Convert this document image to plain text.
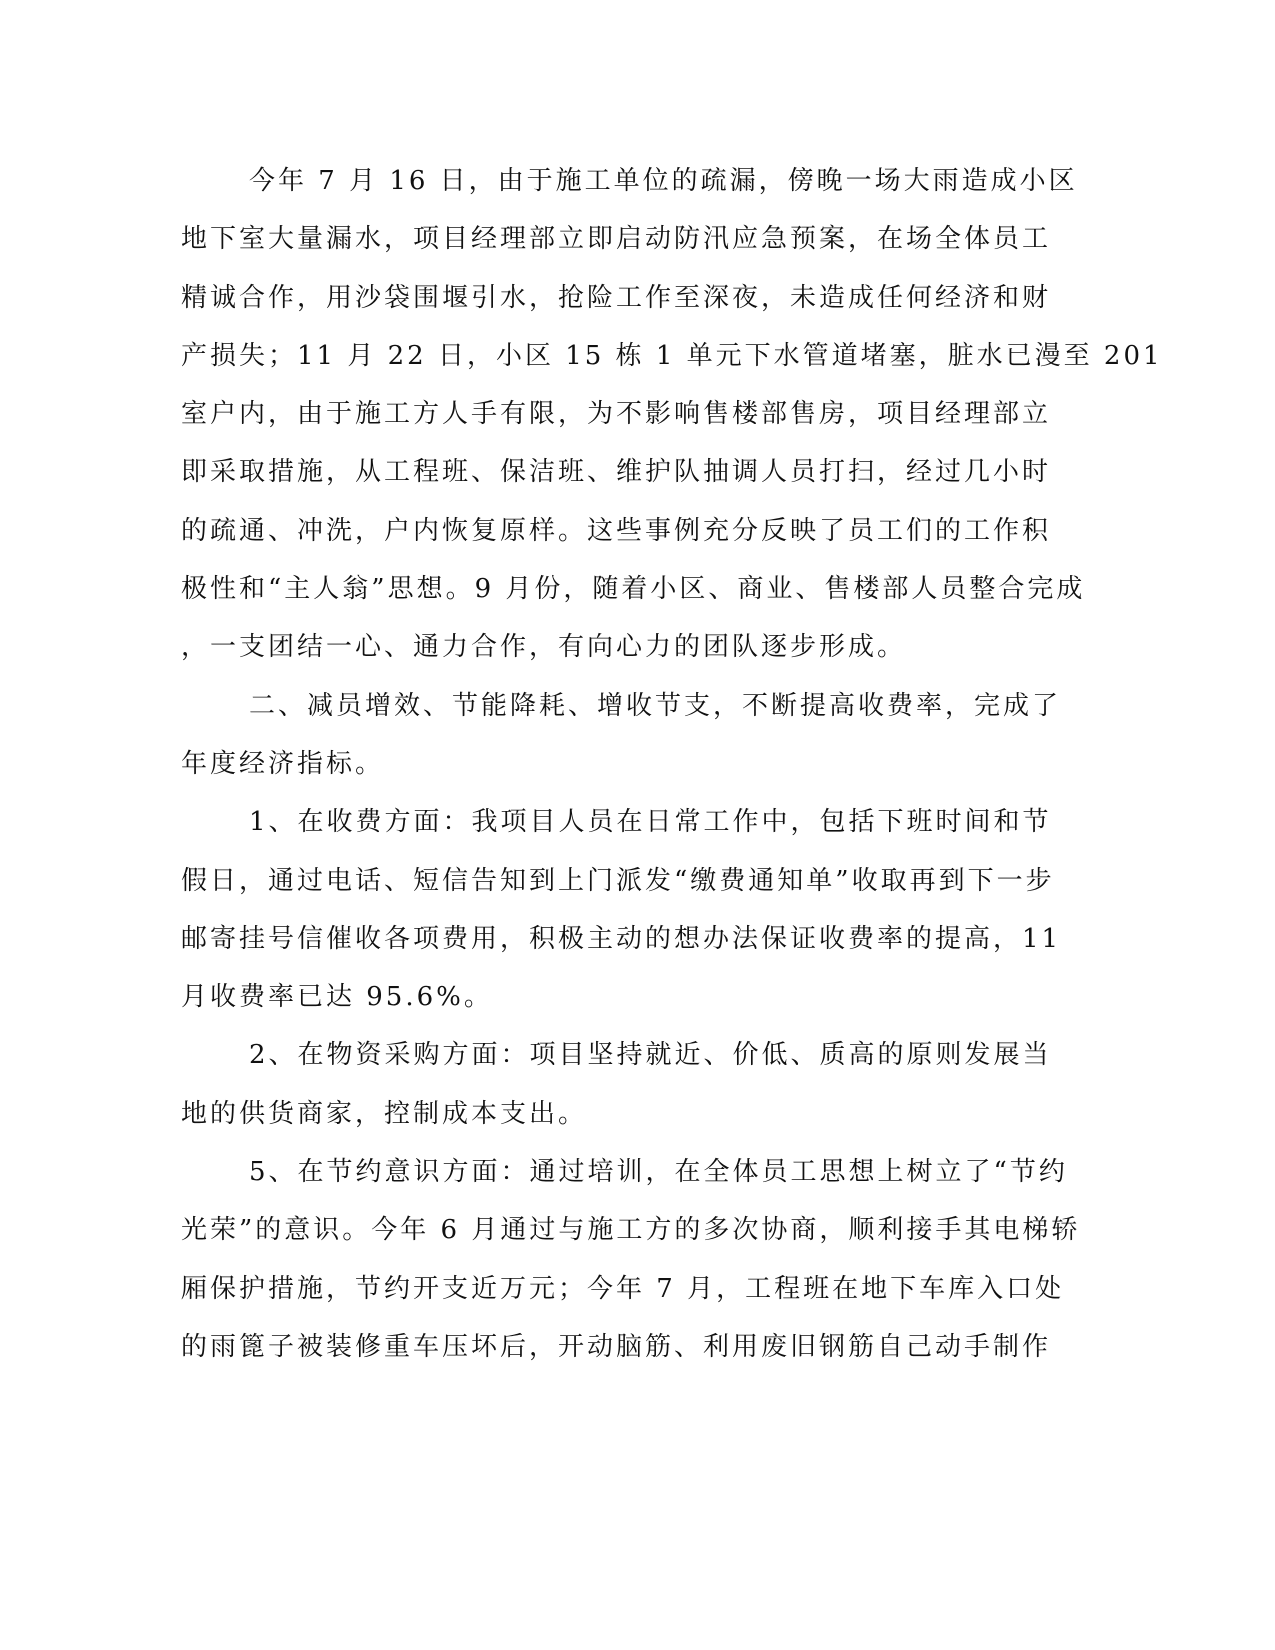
今年 7 月 16 日，由于施工单位的疏漏，傍晚一场大雨造成小区
地下室大量漏水，项目经理部立即启动防汛应急预案，在场全体员工
精诚合作，用沙袋围堰引水，抢险工作至深夜，未造成任何经济和财
产损失；11 月 22 日，小区 15 栋 1 单元下水管道堵塞，脏水已漫至 201
室户内，由于施工方人手有限，为不影响售楼部售房，项目经理部立
即采取措施，从工程班、保洁班、维护队抽调人员打扫，经过几小时
的疏通、冲洗，户内恢复原样。这些事例充分反映了员工们的工作积
极性和“主人翁”思想。9 月份，随着小区、商业、售楼部人员整合完成
，一支团结一心、通力合作，有向心力的团队逐步形成。
二、减员增效、节能降耗、增收节支，不断提高收费率，完成了
年度经济指标。
1、在收费方面：我项目人员在日常工作中，包括下班时间和节
假日，通过电话、短信告知到上门派发“缴费通知单”收取再到下一步
邮寄挂号信催收各项费用，积极主动的想办法保证收费率的提高，11
月收费率已达 95.6%。
2、在物资采购方面：项目坚持就近、价低、质高的原则发展当
地的供货商家，控制成本支出。
5、在节约意识方面：通过培训，在全体员工思想上树立了“节约
光荣”的意识。今年 6 月通过与施工方的多次协商，顺利接手其电梯轿
厢保护措施，节约开支近万元；今年 7 月，工程班在地下车库入口处
的雨篦子被装修重车压坏后，开动脑筋、利用废旧钢筋自己动手制作
